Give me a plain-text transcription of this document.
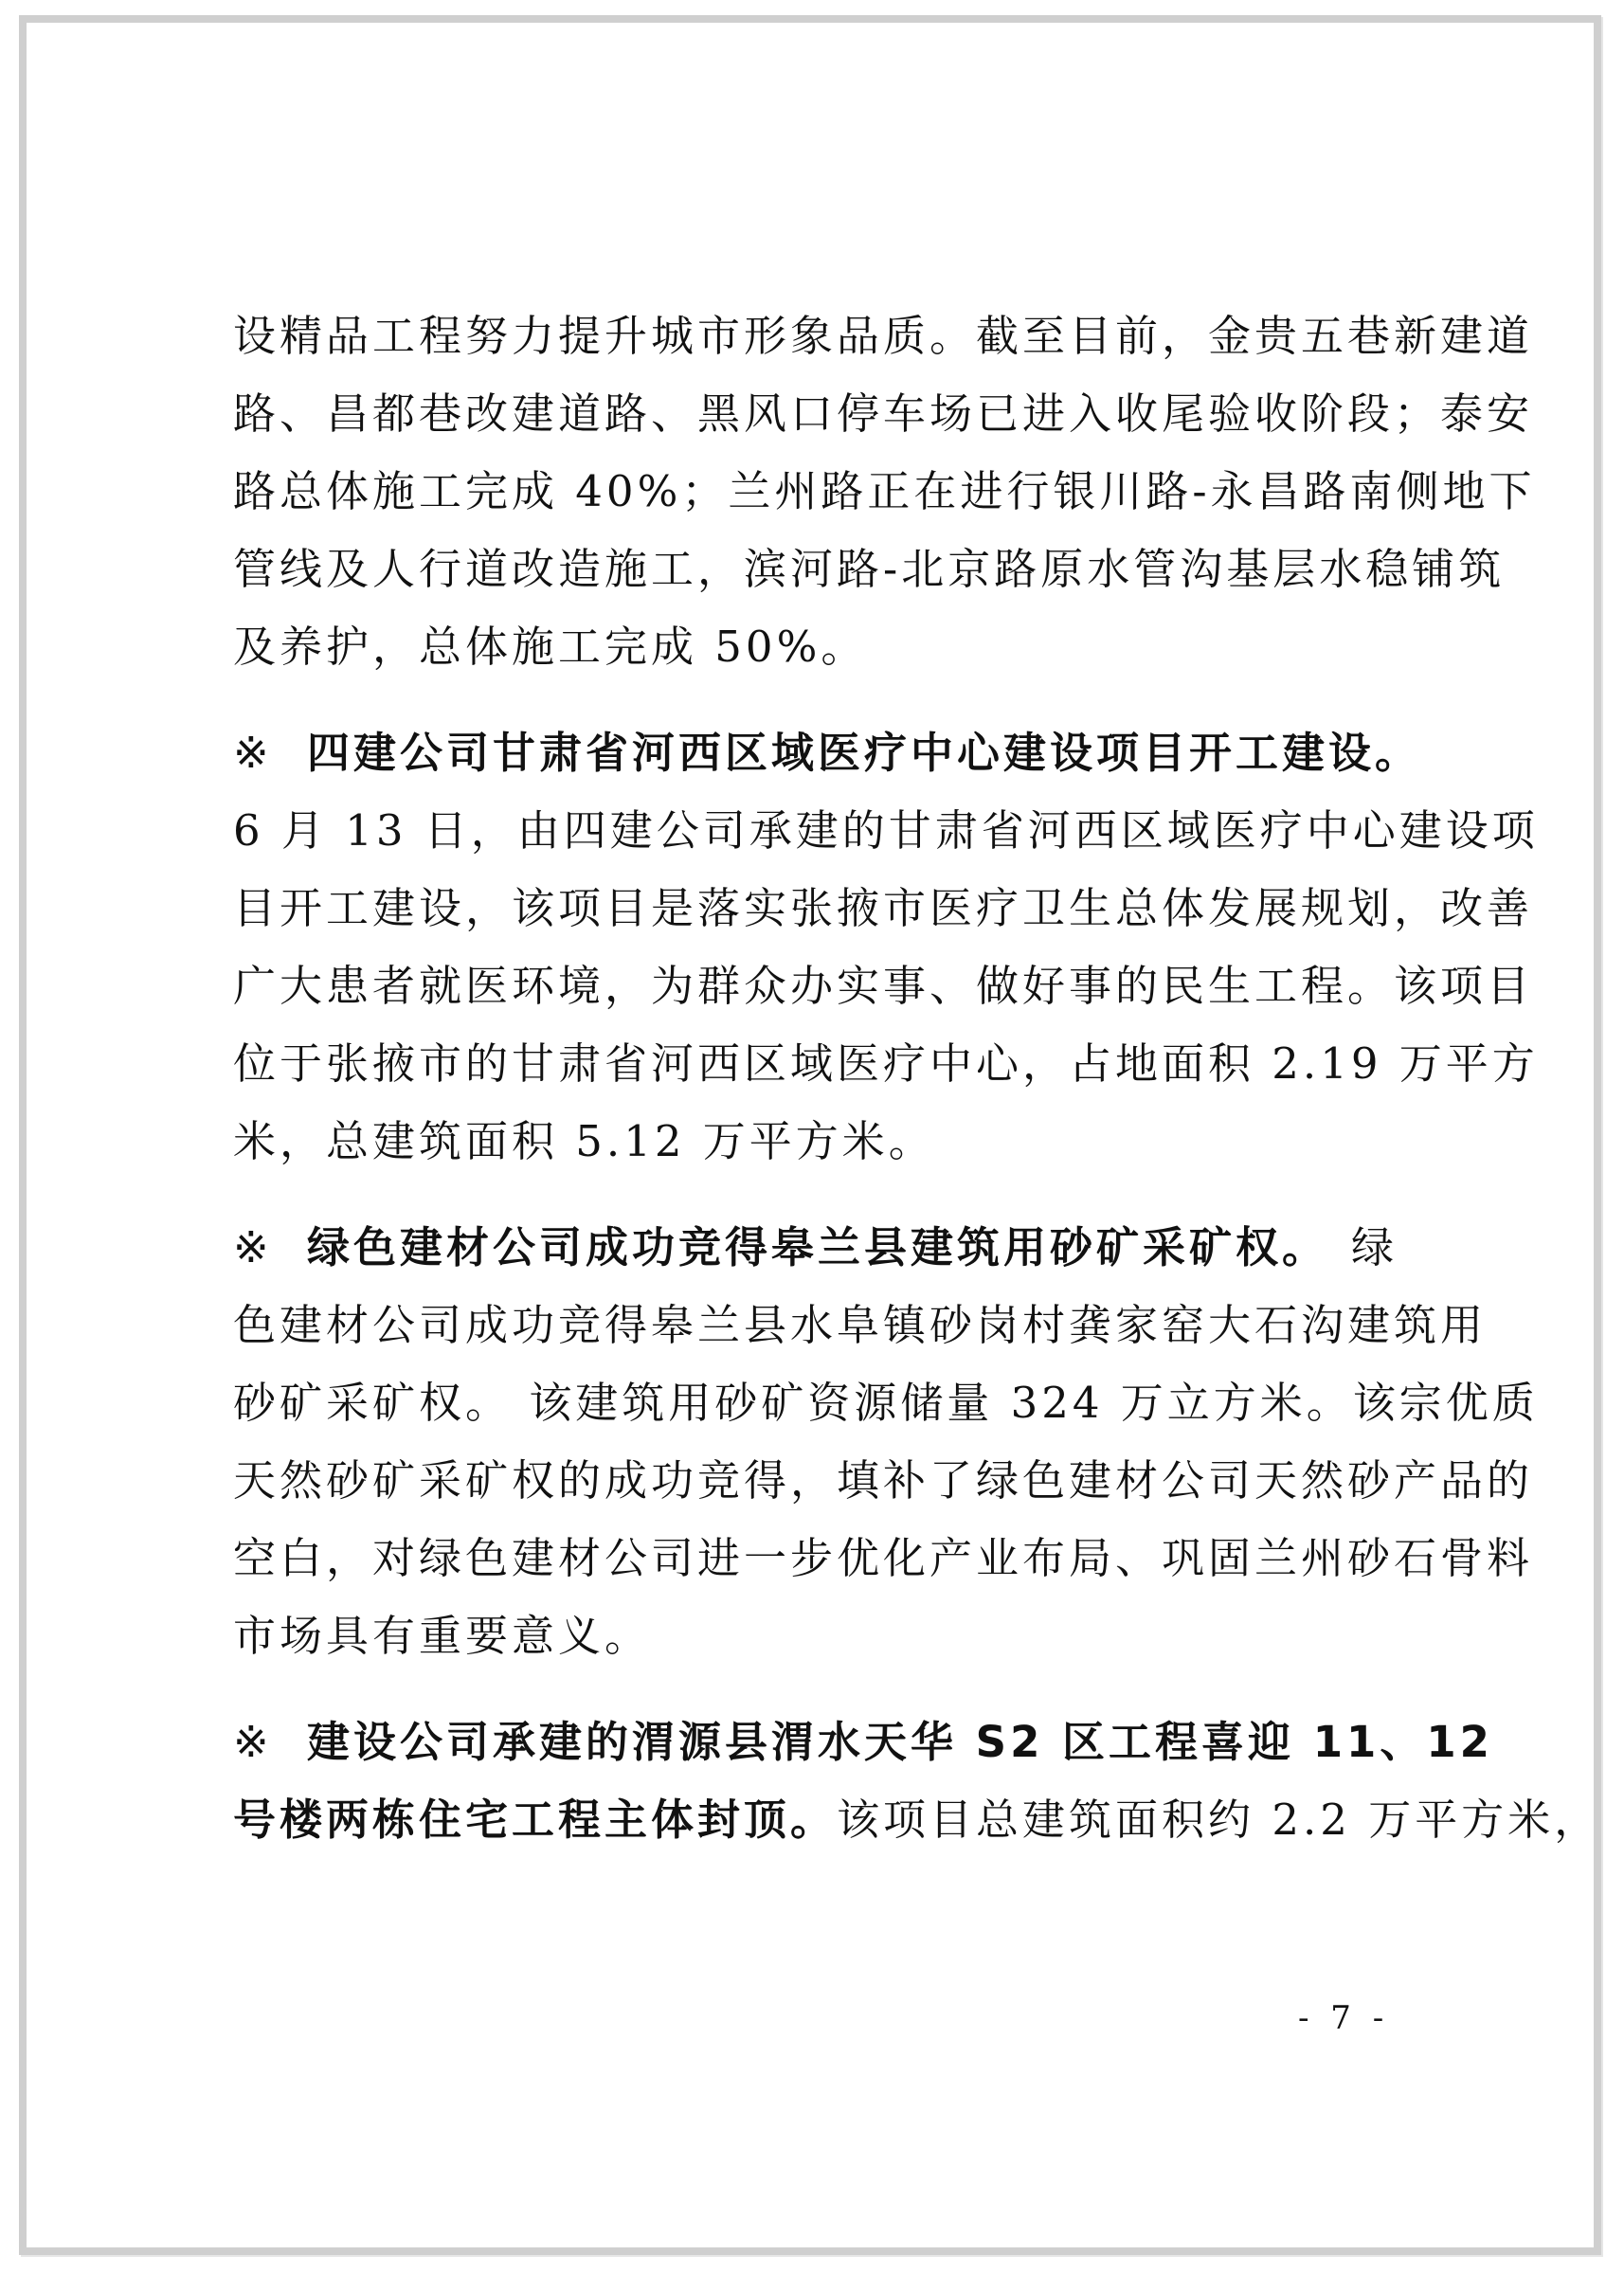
设精品工程努力提升城市形象品质。截至目前，金贵五巷新建道
路、昌都巷改建道路、黑风口停车场已进入收尾验收阶段；泰安
路总体施工完成 40%；兰州路正在进行银川路-永昌路南侧地下
管线及人行道改造施工，滨河路-北京路原水管沟基层水稳铺筑
及养护，总体施工完成 50%。
※ 四建公司甘肃省河西区域医疗中心建设项目开工建设。
6 月 13 日，由四建公司承建的甘肃省河西区域医疗中心建设项
目开工建设，该项目是落实张掖市医疗卫生总体发展规划，改善
广大患者就医环境，为群众办实事、做好事的民生工程。该项目
位于张掖市的甘肃省河西区域医疗中心，占地面积 2.19 万平方
米，总建筑面积 5.12 万平方米。
※ 绿色建材公司成功竞得皋兰县建筑用砂矿采矿权。 绿
色建材公司成功竞得皋兰县水阜镇砂岗村龚家窑大石沟建筑用
砂矿采矿权。 该建筑用砂矿资源储量 324 万立方米。该宗优质
天然砂矿采矿权的成功竞得，填补了绿色建材公司天然砂产品的
空白，对绿色建材公司进一步优化产业布局、巩固兰州砂石骨料
市场具有重要意义。
※ 建设公司承建的渭源县渭水天华 S2 区工程喜迎 11、12
号楼两栋住宅工程主体封顶。该项目总建筑面积约 2.2 万平方米，
- 7 -
